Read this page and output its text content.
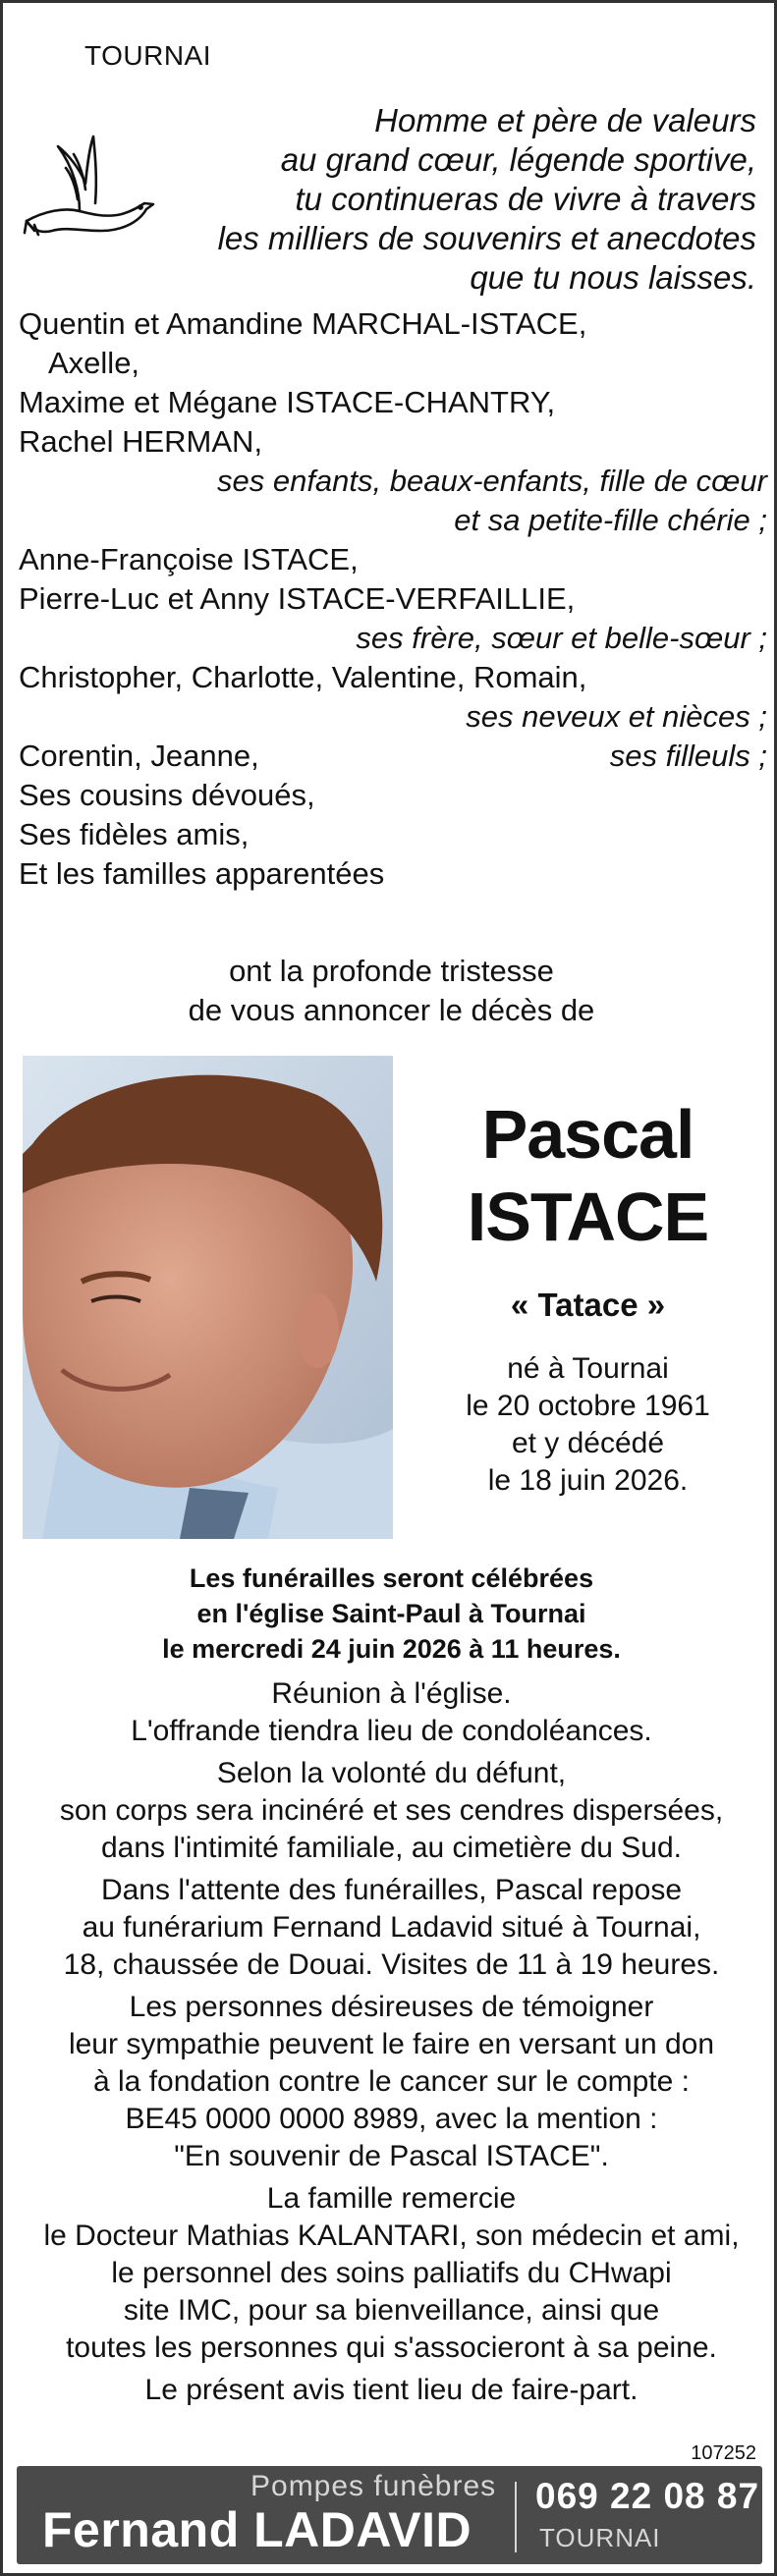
TOURNAI
Homme et père de valeurs
au grand cœur, légende sportive,
tu continueras de vivre à travers
les milliers de souvenirs et anecdotes
que tu nous laisses.
Quentin et Amandine MARCHAL-ISTACE,
Axelle,
Maxime et Mégane ISTACE-CHANTRY,
Rachel HERMAN,
ses enfants, beaux-enfants, fille de cœur
et sa petite-fille chérie ;
Anne-Françoise ISTACE,
Pierre-Luc et Anny ISTACE-VERFAILLIE,
ses frère, sœur et belle-sœur ;
Christopher, Charlotte, Valentine, Romain,
ses neveux et nièces ;
Corentin, Jeanne,	ses filleuls ;
Ses cousins dévoués,
Ses fidèles amis,
Et les familles apparentées
ont la profonde tristesse
de vous annoncer le décès de
Pascal
ISTACE
« Tatace »
né à Tournai
le 20 octobre 1961
et y décédé
le 18 juin 2026.
Les funérailles seront célébrées
en l'église Saint-Paul à Tournai
le mercredi 24 juin 2026 à 11 heures.
Réunion à l'église.
L'offrande tiendra lieu de condoléances.
Selon la volonté du défunt,
son corps sera incinéré et ses cendres dispersées,
dans l'intimité familiale, au cimetière du Sud.
Dans l'attente des funérailles, Pascal repose
au funérarium Fernand Ladavid situé à Tournai,
18, chaussée de Douai. Visites de 11 à 19 heures.
Les personnes désireuses de témoigner
leur sympathie peuvent le faire en versant un don
à la fondation contre le cancer sur le compte :
BE45 0000 0000 8989, avec la mention :
"En souvenir de Pascal ISTACE".
La famille remercie
le Docteur Mathias KALANTARI, son médecin et ami,
le personnel des soins palliatifs du CHwapi
site IMC, pour sa bienveillance, ainsi que
toutes les personnes qui s'associeront à sa peine.
Le présent avis tient lieu de faire-part.
107252
Pompes funèbres
Fernand LADAVID
069 22 08 87
TOURNAI
